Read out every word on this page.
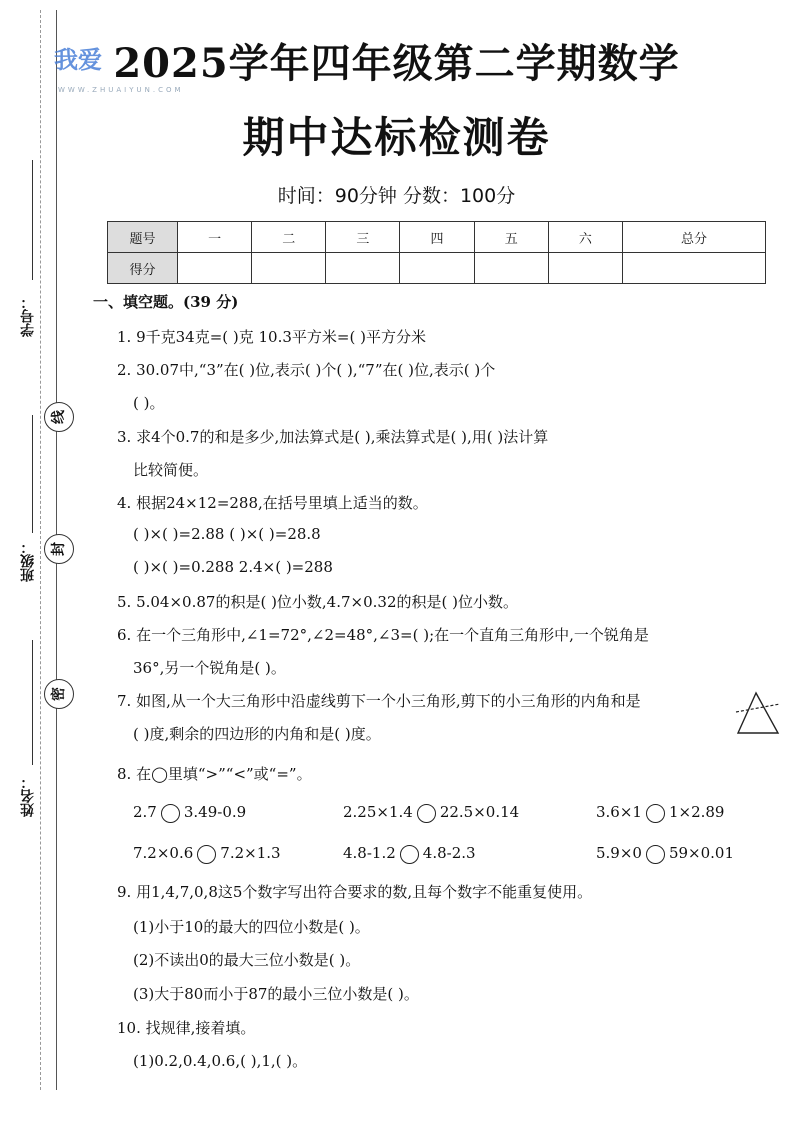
学号：
线
班级：	封
姓名：
密
2025学年四年级第二学期数学
我爱
WWW.ZHUAIYUN.COM
期中达标检测卷
时间：90分钟 分数：100分
题号	一	二	三	四	五	六	总分
得分							
一、填空题。(39 分)
1. 9千克34克=( )克 10.3平方米=( )平方分米
2. 30.07中,“3”在( )位,表示( )个( ),“7”在( )位,表示( )个
( )。
3. 求4个0.7的和是多少,加法算式是( ),乘法算式是( ),用( )法计算
比较简便。
4. 根据24×12=288,在括号里填上适当的数。
( )×( )=2.88 ( )×( )=28.8
( )×( )=0.288 2.4×( )=288
5. 5.04×0.87的积是( )位小数,4.7×0.32的积是( )位小数。
6. 在一个三角形中,∠1=72°,∠2=48°,∠3=( );在一个直角三角形中,一个锐角是
36°,另一个锐角是( )。
7. 如图,从一个大三角形中沿虚线剪下一个小三角形,剪下的小三角形的内角和是
( )度,剩余的四边形的内角和是( )度。
8. 在◯里填“>”“<”或“=”。
2.7 3.49-0.9	2.25×1.4 22.5×0.14	3.6×1 1×2.89
7.2×0.6 7.2×1.3	4.8-1.2 4.8-2.3	5.9×0 59×0.01
9. 用1,4,7,0,8这5个数字写出符合要求的数,且每个数字不能重复使用。
(1)小于10的最大的四位小数是( )。
(2)不读出0的最大三位小数是( )。
(3)大于80而小于87的最小三位小数是( )。
10. 找规律,接着填。
(1)0.2,0.4,0.6,( ),1,( )。
